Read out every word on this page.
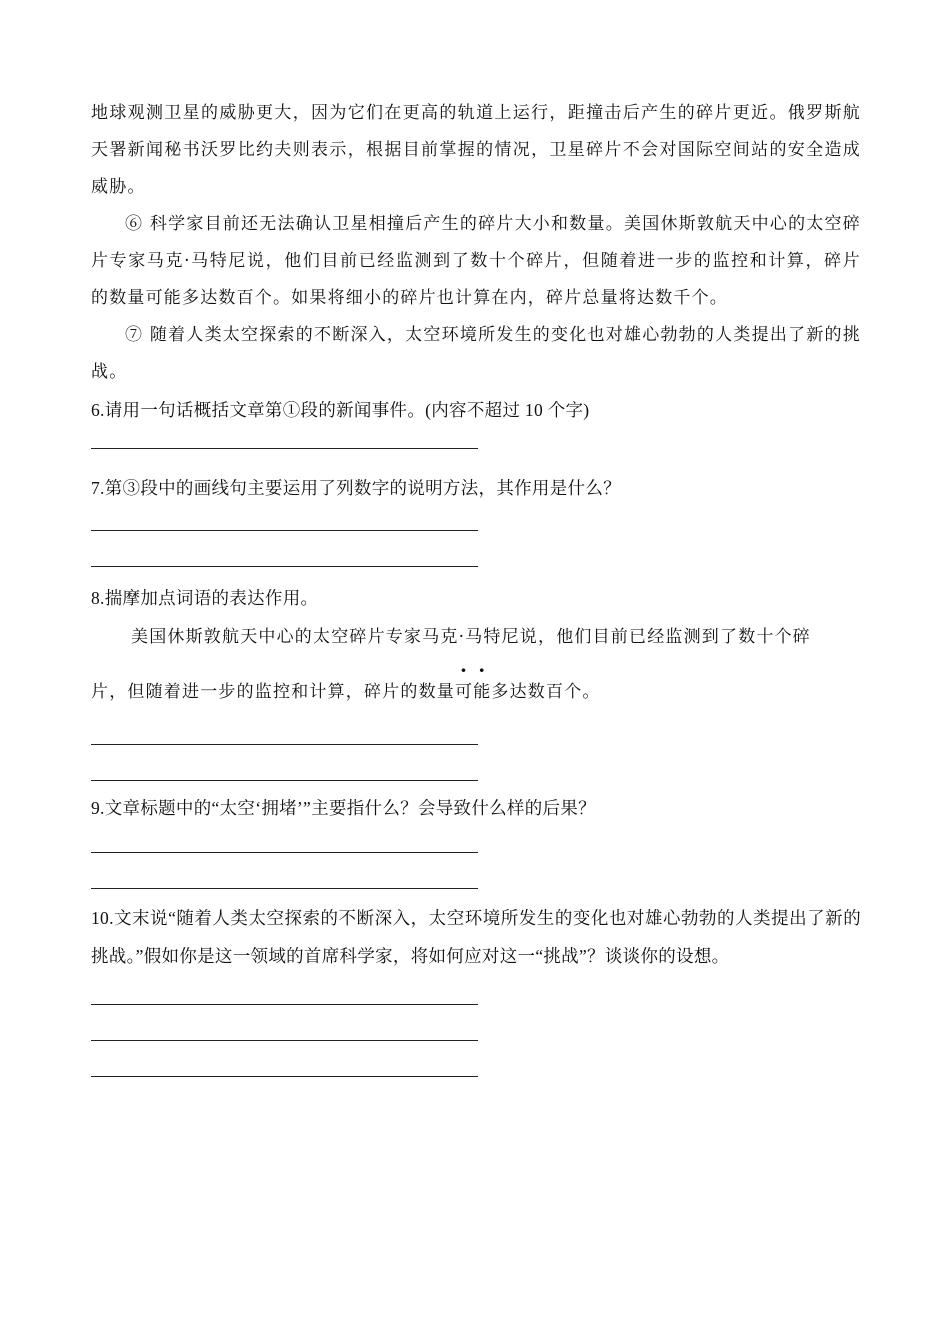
地球观测卫星的威胁更大，因为它们在更高的轨道上运行，距撞击后产生的碎片更近。俄罗斯航天署新闻秘书沃罗比约夫则表示，根据目前掌握的情况，卫星碎片不会对国际空间站的安全造成威胁。

⑥ 科学家目前还无法确认卫星相撞后产生的碎片大小和数量。美国休斯敦航天中心的太空碎片专家马克·马特尼说，他们目前已经监测到了数十个碎片，但随着进一步的监控和计算，碎片的数量可能多达数百个。如果将细小的碎片也计算在内，碎片总量将达数千个。

⑦ 随着人类太空探索的不断深入，太空环境所发生的变化也对雄心勃勃的人类提出了新的挑战。

6.请用一句话概括文章第①段的新闻事件。(内容不超过 10 个字)

7.第③段中的画线句主要运用了列数字的说明方法，其作用是什么？

8.揣摩加点词语的表达作用。

美国休斯敦航天中心的太空碎片专家马克·马特尼说，他们目前已经监测到了数十个碎

片，但随着进一步的监控和计算，碎片的数量可能多达数百个。

9.文章标题中的“太空‘拥堵’”主要指什么？会导致什么样的后果？

10.文末说“随着人类太空探索的不断深入，太空环境所发生的变化也对雄心勃勃的人类提出了新的挑战。”假如你是这一领域的首席科学家，将如何应对这一“挑战”？谈谈你的设想。
